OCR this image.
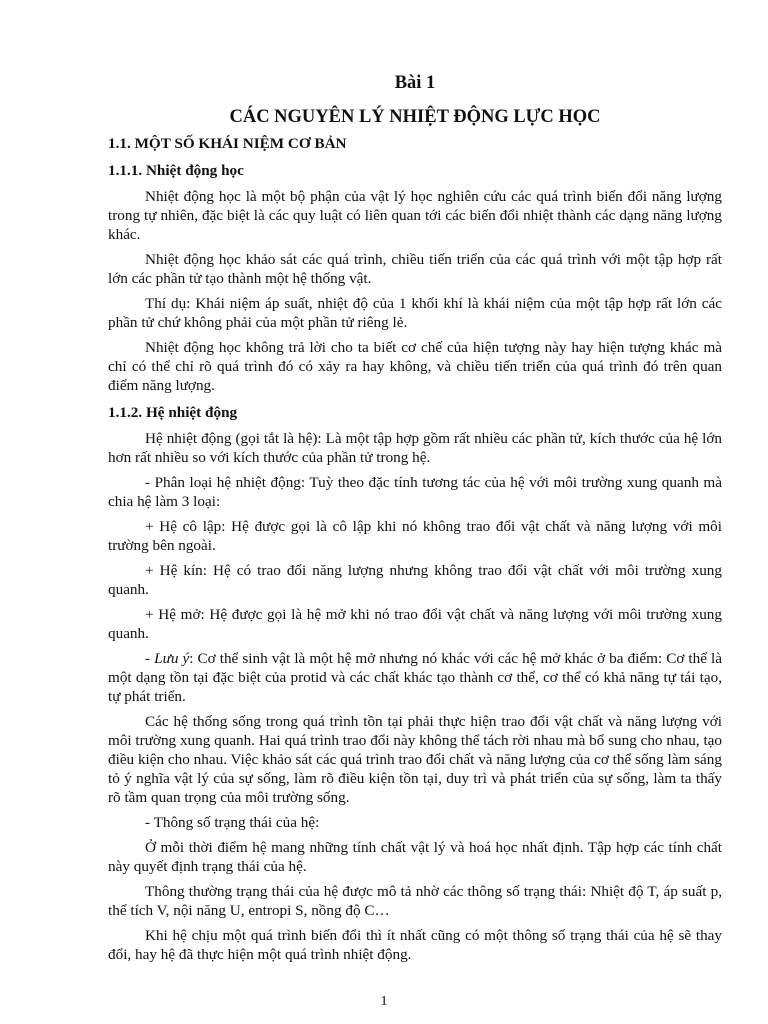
Bài 1
CÁC NGUYÊN LÝ NHIỆT ĐỘNG LỰC HỌC
1.1. MỘT SỐ KHÁI NIỆM CƠ BẢN
1.1.1. Nhiệt động học

Nhiệt động học là một bộ phận của vật lý học nghiên cứu các quá trình biến đổi năng lượng trong tự nhiên, đặc biệt là các quy luật có liên quan tới các biến đổi nhiệt thành các dạng năng lượng khác.

Nhiệt động học khảo sát các quá trình, chiều tiến triển của các quá trình với một tập hợp rất lớn các phần tử tạo thành một hệ thống vật.

Thí dụ: Khái niệm áp suất, nhiệt độ của 1 khối khí là khái niệm của một tập hợp rất lớn các phần tử chứ không phải của một phần tử riêng lẻ.

Nhiệt động học không trả lời cho ta biết cơ chế của hiện tượng này hay hiện tượng khác mà chỉ có thể chỉ rõ quá trình đó có xảy ra hay không, và chiều tiến triển của quá trình đó trên quan điểm năng lượng.

1.1.2. Hệ nhiệt động

Hệ nhiệt động (gọi tắt là hệ): Là một tập hợp gồm rất nhiều các phần tử, kích thước của hệ lớn hơn rất nhiều so với kích thước của phần tử trong hệ.

- Phân loại hệ nhiệt động: Tuỳ theo đặc tính tương tác của hệ với môi trường xung quanh mà chia hệ làm 3 loại:

+ Hệ cô lập: Hệ được gọi là cô lập khi nó không trao đổi vật chất và năng lượng với môi trường bên ngoài.

+ Hệ kín: Hệ có trao đổi năng lượng nhưng không trao đổi vật chất với môi trường xung quanh.

+ Hệ mở: Hệ được gọi là hệ mở khi nó trao đổi vật chất và năng lượng với môi trường xung quanh.

- Lưu ý: Cơ thể sinh vật là một hệ mở nhưng nó khác với các hệ mở khác ở ba điểm: Cơ thể là một dạng tồn tại đặc biệt của protid và các chất khác tạo thành cơ thể, cơ thể có khả năng tự tái tạo, tự phát triển.

Các hệ thống sống trong quá trình tồn tại phải thực hiện trao đổi vật chất và năng lượng với môi trường xung quanh. Hai quá trình trao đổi này không thể tách rời nhau mà bổ sung cho nhau, tạo điều kiện cho nhau. Việc khảo sát các quá trình trao đổi chất và năng lượng của cơ thể sống làm sáng tỏ ý nghĩa vật lý của sự sống, làm rõ điều kiện tồn tại, duy trì và phát triển của sự sống, làm ta thấy rõ tầm quan trọng của môi trường sống.

- Thông số trạng thái của hệ:

Ở mỗi thời điểm hệ mang những tính chất vật lý và hoá học nhất định. Tập hợp các tính chất này quyết định trạng thái của hệ.

Thông thường trạng thái của hệ được mô tả nhờ các thông số trạng thái: Nhiệt độ T, áp suất p, thể tích V, nội năng U, entropi S, nồng độ C…

Khi hệ chịu một quá trình biến đổi thì ít nhất cũng có một thông số trạng thái của hệ sẽ thay đổi, hay hệ đã thực hiện một quá trình nhiệt động.

1
